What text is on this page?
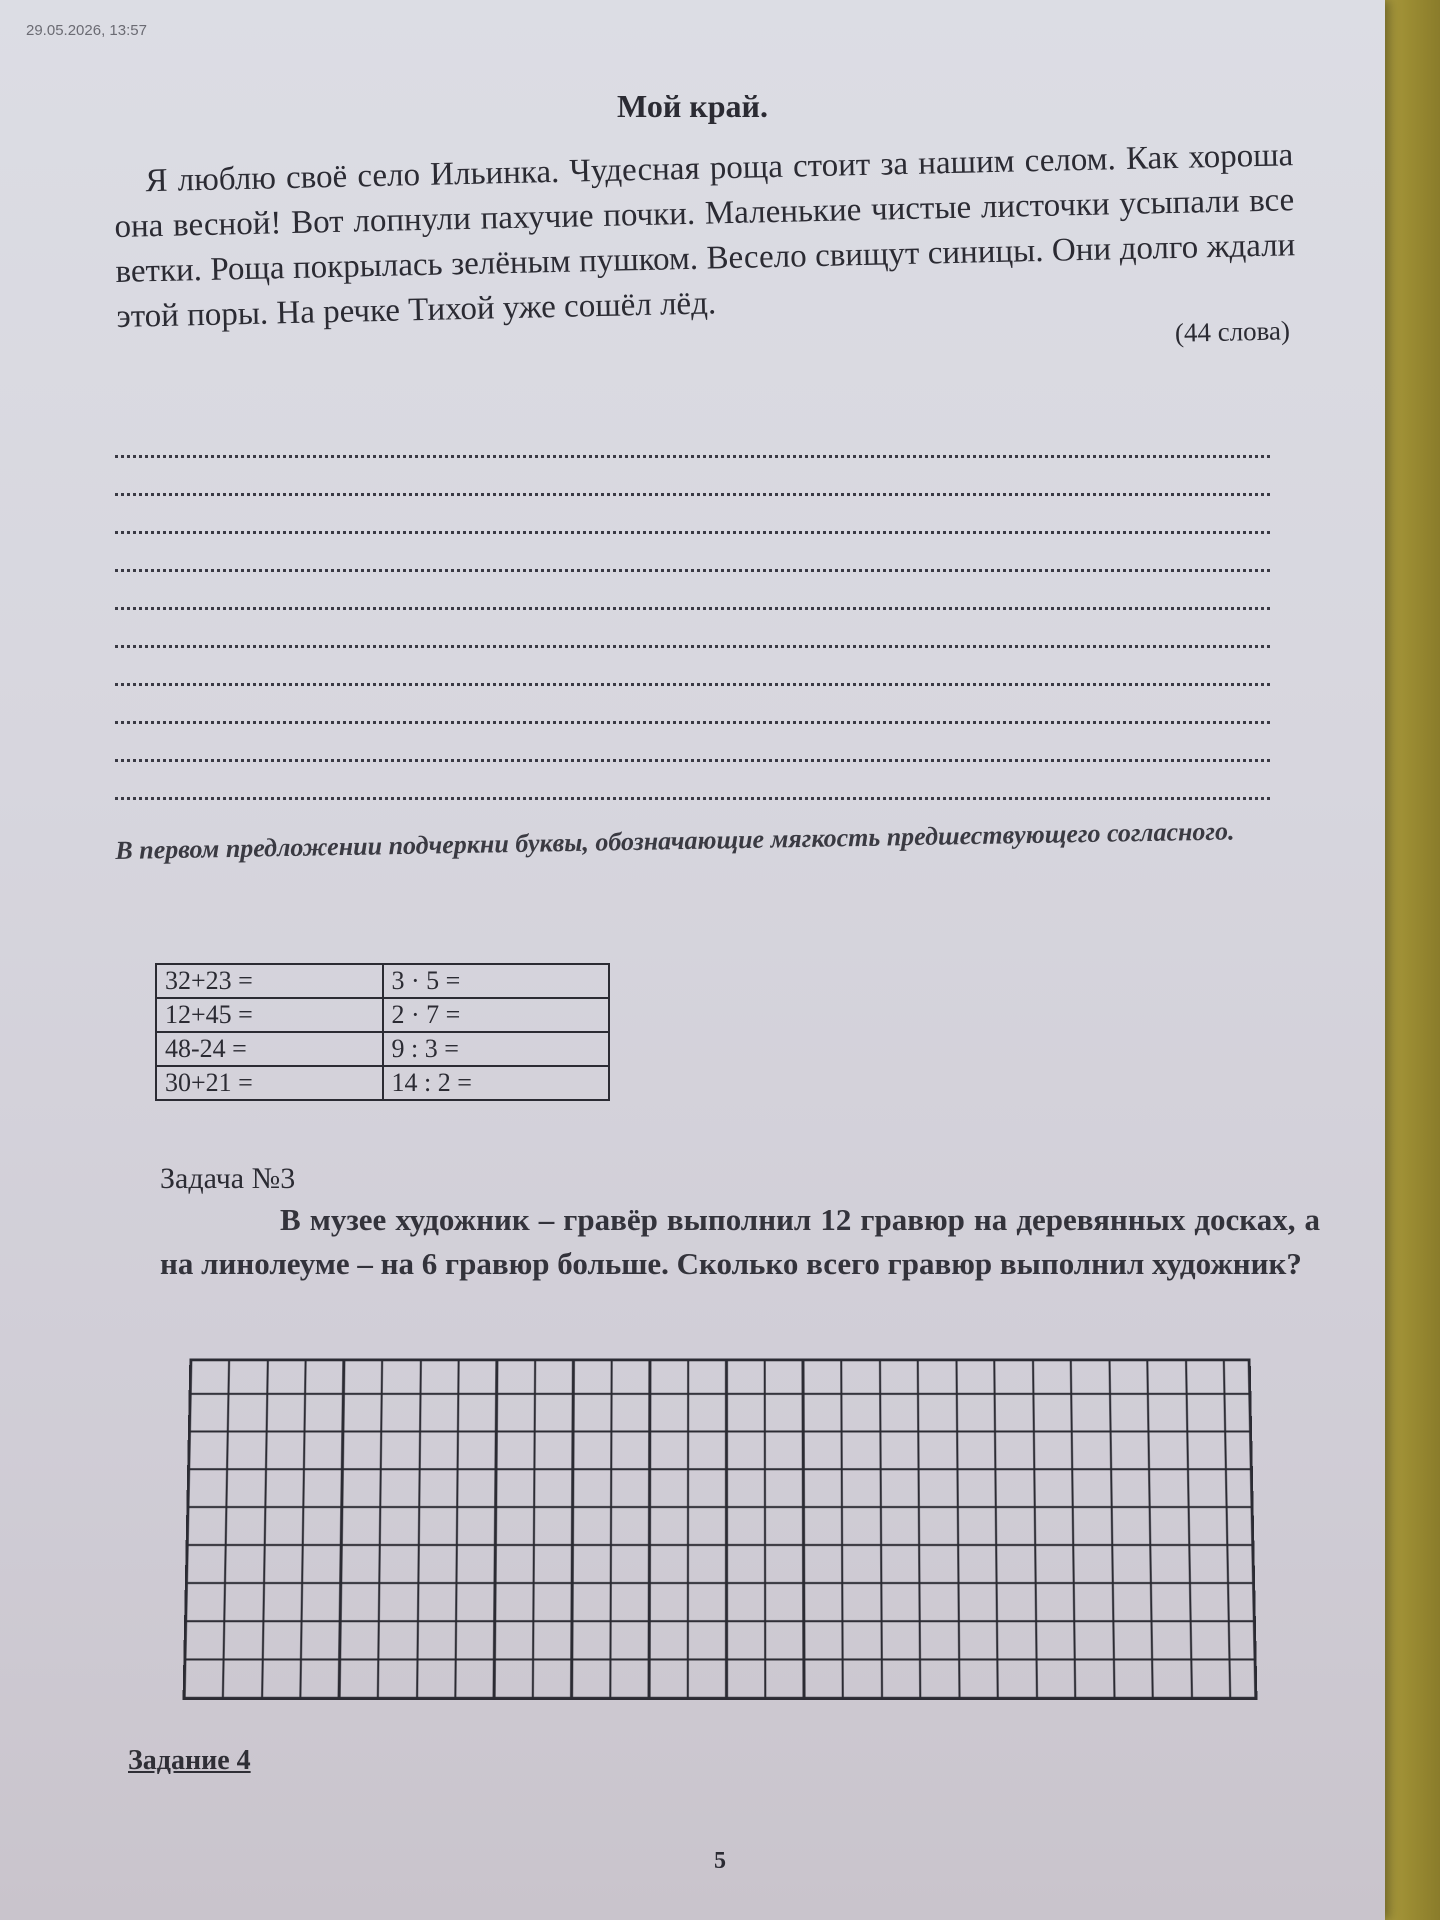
29.05.2026, 13:57
Мой край.
Я люблю своё село Ильинка. Чудесная роща стоит за нашим селом. Как хороша она весной! Вот лопнули пахучие почки. Маленькие чистые листочки усыпали все ветки. Роща покрылась зелёным пушком. Весело свищут синицы. Они долго ждали этой поры. На речке Тихой уже сошёл лёд.	(44 слова)
В первом предложении подчеркни буквы, обозначающие мягкость предшествующего согласного.
32+23 =	3 · 5 =
12+45 =	2 · 7 =
48-24 =	9 : 3 =
30+21 =	14 : 2 =
Задача №3
В музее художник – гравёр выполнил 12 гравюр на деревянных досках, а на линолеуме – на 6 гравюр больше. Сколько всего гравюр выполнил художник?
Задание 4
5
